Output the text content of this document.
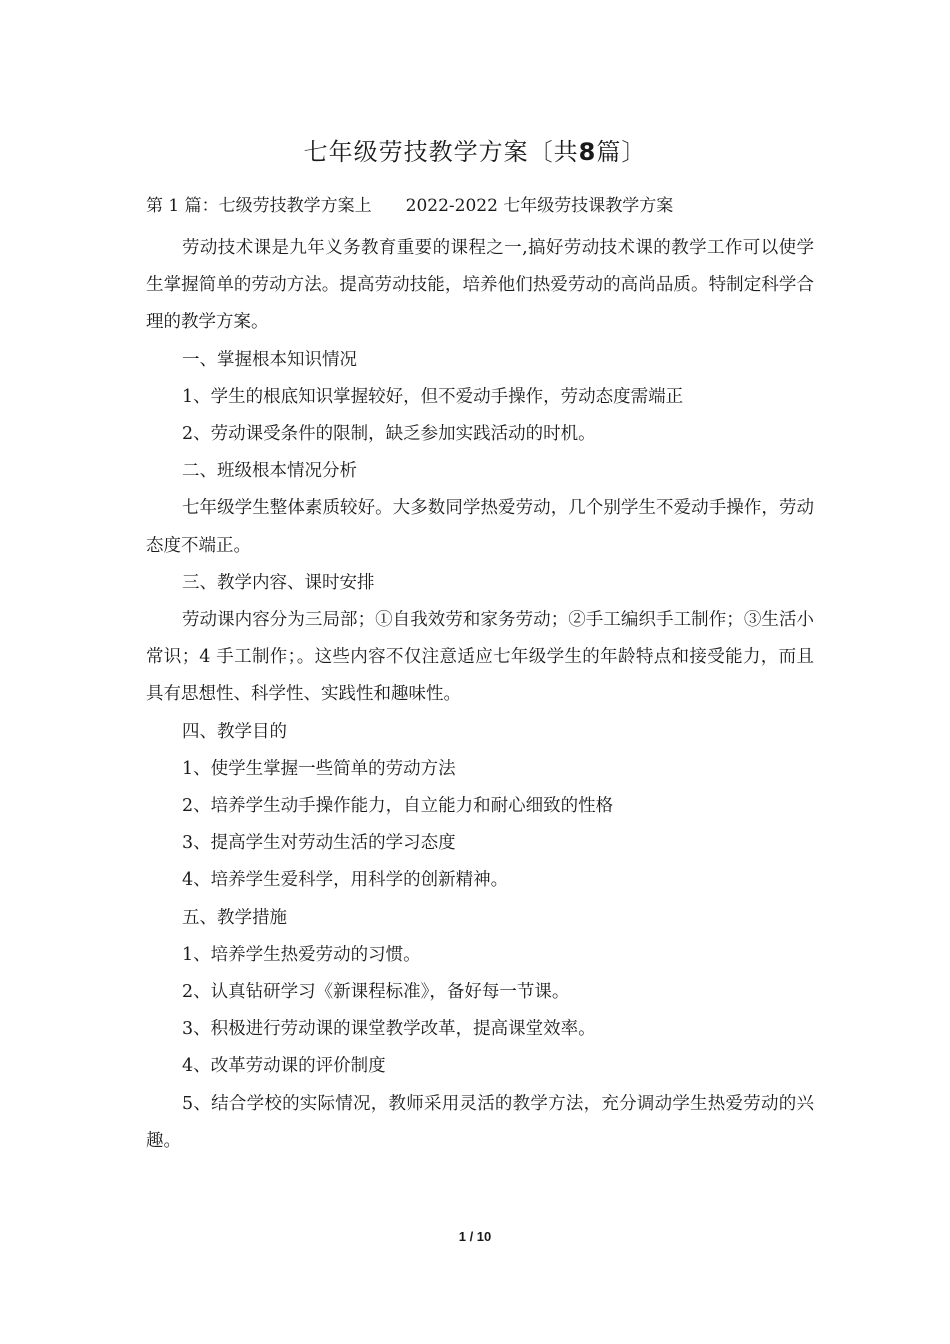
七年级劳技教学方案〔共8篇〕
第 1 篇：七级劳技教学方案上 2022-2022 七年级劳技课教学方案

劳动技术课是九年义务教育重要的课程之一,搞好劳动技术课的教学工作可以使学生掌握简单的劳动方法。提高劳动技能，培养他们热爱劳动的高尚品质。特制定科学合理的教学方案。

一、掌握根本知识情况

1、学生的根底知识掌握较好，但不爱动手操作，劳动态度需端正

2、劳动课受条件的限制，缺乏参加实践活动的时机。

二、班级根本情况分析

七年级学生整体素质较好。大多数同学热爱劳动，几个别学生不爱动手操作，劳动态度不端正。

三、教学内容、课时安排

劳动课内容分为三局部；①自我效劳和家务劳动；②手工编织手工制作；③生活小常识；4 手工制作；。这些内容不仅注意适应七年级学生的年龄特点和接受能力，而且具有思想性、科学性、实践性和趣味性。

四、教学目的

1、使学生掌握一些简单的劳动方法

2、培养学生动手操作能力，自立能力和耐心细致的性格

3、提高学生对劳动生活的学习态度

4、培养学生爱科学，用科学的创新精神。

五、教学措施

1、培养学生热爱劳动的习惯。

2、认真钻研学习《新课程标准》，备好每一节课。

3、积极进行劳动课的课堂教学改革，提高课堂效率。

4、改革劳动课的评价制度

5、结合学校的实际情况，教师采用灵活的教学方法，充分调动学生热爱劳动的兴趣。

1 / 10
